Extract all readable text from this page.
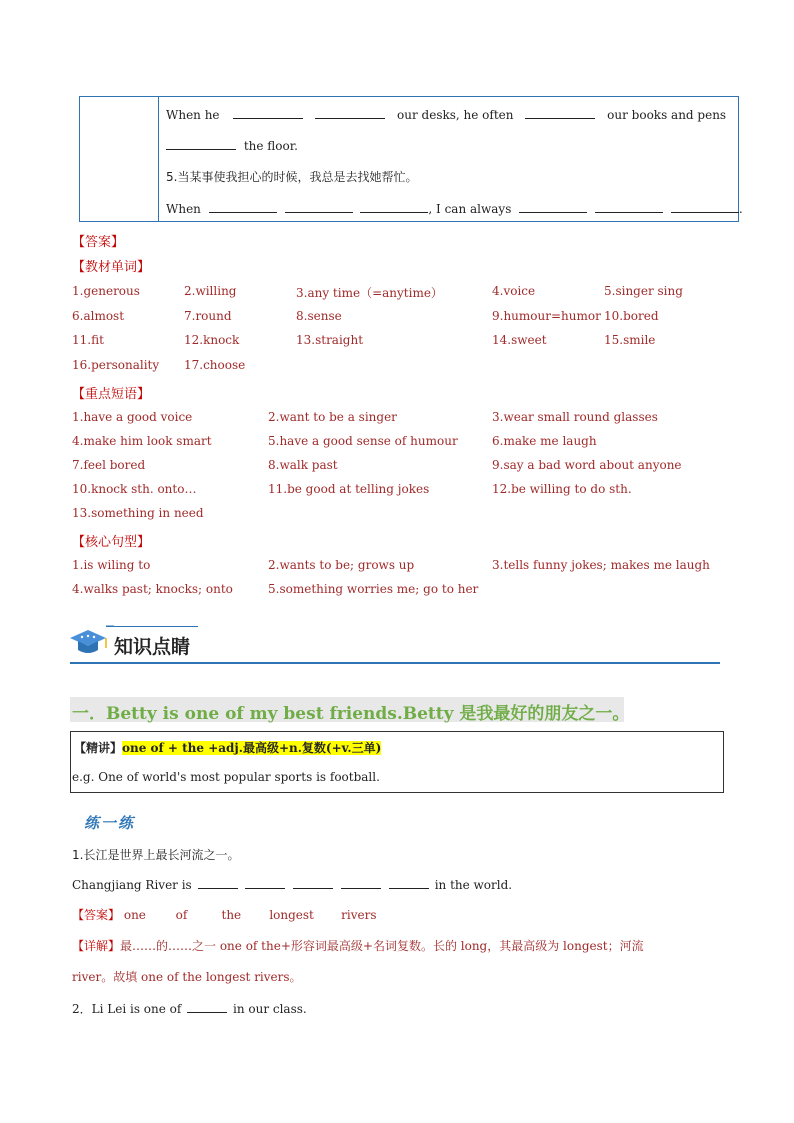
When he	our desks, he often	our books and pens
the floor.
5.当某事使我担心的时候，我总是去找她帮忙。
When	, I can always	.
【答案】
【教材单词】
1.generous	2.willing	3.any time（=anytime）	4.voice	5.singer sing
6.almost	7.round	8.sense	9.humour=humor 10.bored
11.fit	12.knock	13.straight	14.sweet	15.smile
16.personality 17.choose
【重点短语】
1.have a good voice	2.want to be a singer	3.wear small round glasses
4.make him look smart	5.have a good sense of humour	6.make me laugh
7.feel bored	8.walk past	9.say a bad word about anyone
10.knock sth. onto…	11.be good at telling jokes	12.be willing to do sth.
13.something in need
【核心句型】
1.is wiling to	2.wants to be; grows up	3.tells funny jokes; makes me laugh
4.walks past; knocks; onto	5.something worries me; go to her
知识点睛
一．Betty is one of my best friends.Betty 是我最好的朋友之一。
【精讲】one of + the +adj.最高级+n.复数(+v.三单)
e.g. One of world's most popular sports is football.
练一练
1.长江是世界上最长河流之一。
Changjiang River is	in the world.
【答案】 one of	the longest rivers
【详解】最……的……之一 one of the+形容词最高级+名词复数。长的 long，其最高级为 longest；河流
river。故填 one of the longest rivers。
2．Li Lei is one of	in our class.
